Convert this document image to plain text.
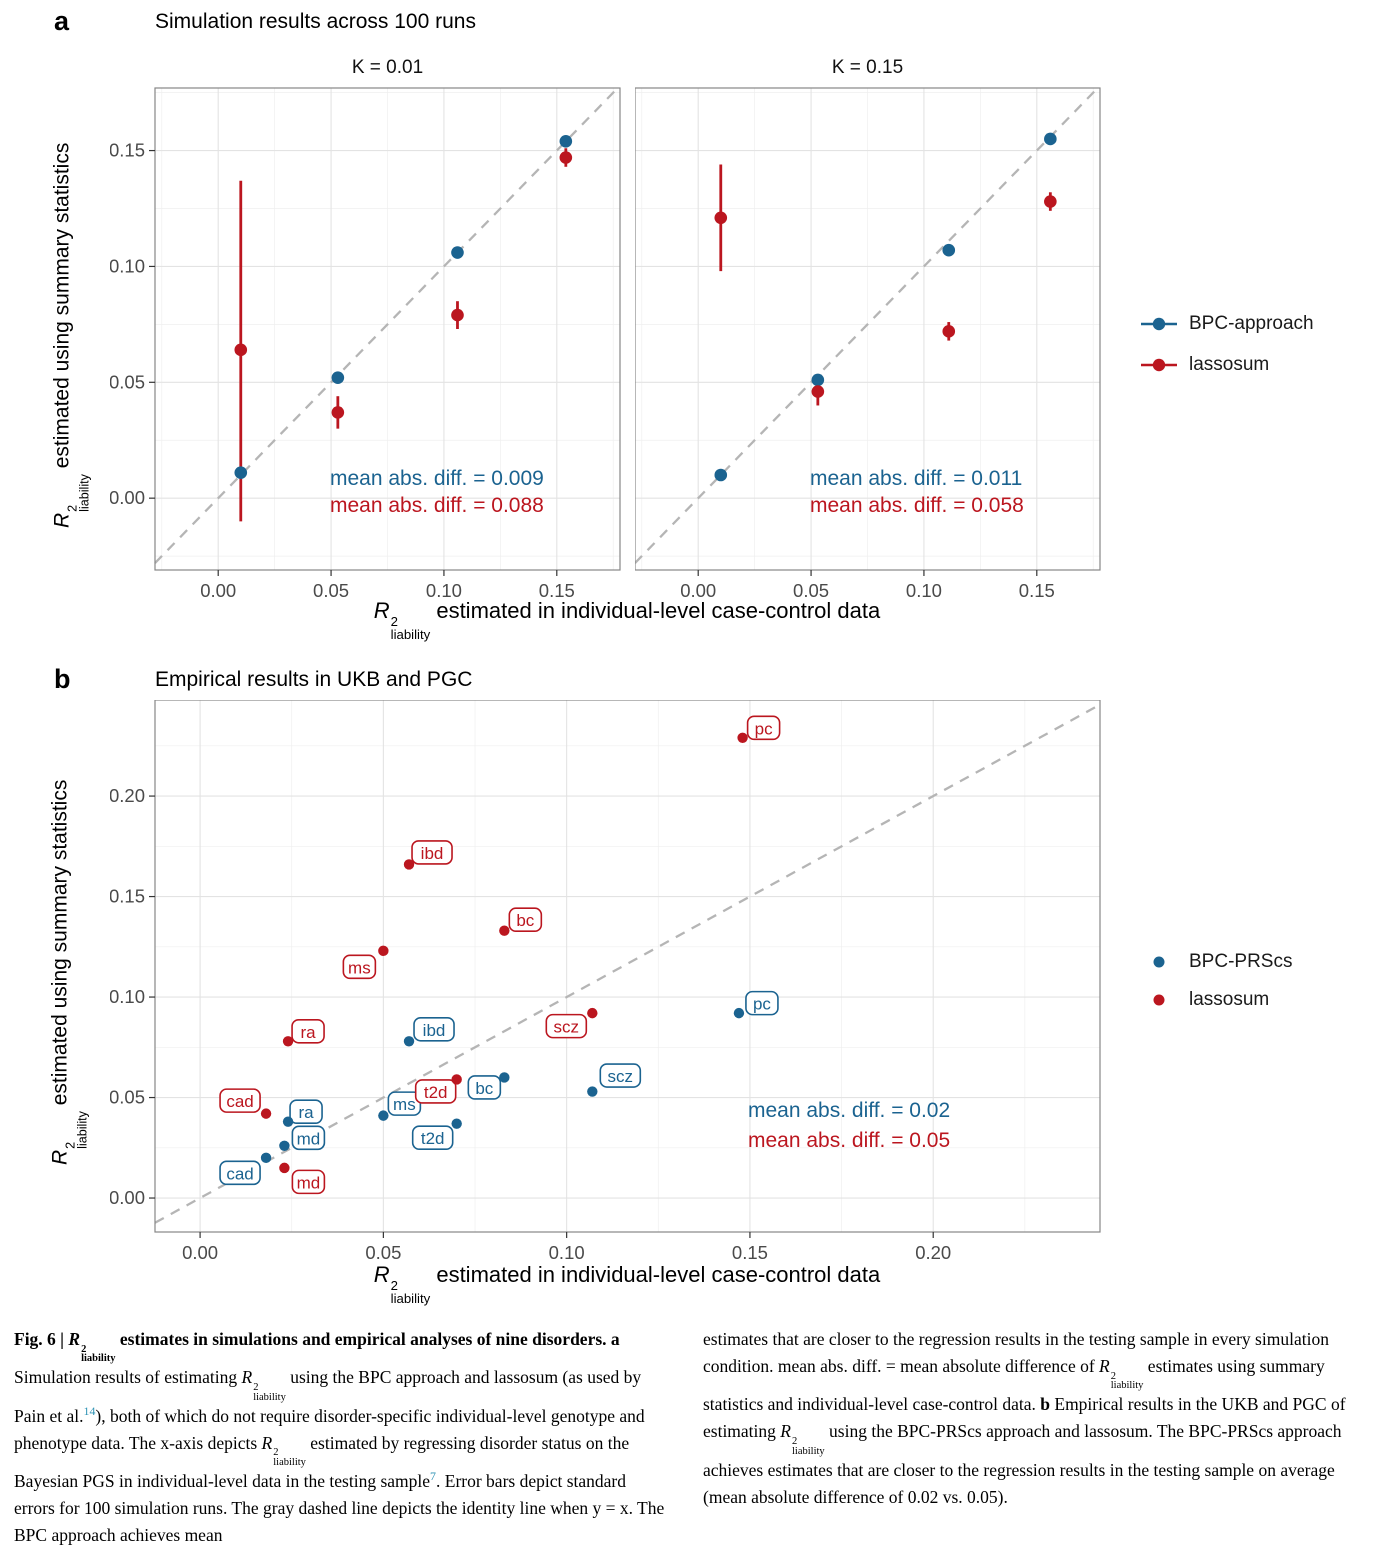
a	Simulation results across 100 runs
mean abs. diff. = 0.009
mean abs. diff. = 0.088
K = 0.01
0.00	0.05	0.10	0.15
0.00
0.05
0.10
0.15
mean abs. diff. = 0.011
mean abs. diff. = 0.058
K = 0.15
0.00	0.05	0.10	0.15
R
2
liability
estimated using summary statistics
R 2
liability
estimated in individual-level case-control data
BPC-approach
lassosum
b	Empirical results in UKB and PGC
cad
md
ra	ms
ibd
t2d
bc
scz
pc
cad
md
ra
ms
ibd
t2d
bc
scz
pc
mean abs. diff. = 0.02
mean abs. diff. = 0.05
0.00	0.05	0.10	0.15	0.20
0.00
0.05
0.10
0.15
0.20
R
2
liability
estimated using summary statistics
R 2
liability
estimated in individual-level case-control data
BPC-PRScs
lassosum
Fig. 6 | R 2
liability
estimates in simulations and empirical analyses of nine disorders. a Simulation results of estimating R 2
liability
using the BPC approach and lassosum (as used by Pain et al.$^{14}$), both of which do not require disorder-specific individual-level genotype and phenotype data. The x-axis depicts R 2
liability
estimated by regressing disorder status on the Bayesian PGS in individual-level data in the testing sample$^7$. Error bars depict standard errors for 100 simulation runs. The gray dashed line depicts the identity line when y = x. The BPC approach achieves mean
estimates that are closer to the regression results in the testing sample in every simulation condition. mean abs. diff. = mean absolute difference of R 2
liability
estimates using summary statistics and individual-level case-control data. b Empirical results in the UKB and PGC of estimating R 2
liability
using the BPC-PRScs approach and lassosum. The BPC-PRScs approach achieves estimates that are closer to the regression results in the testing sample on average (mean absolute difference of 0.02 vs. 0.05).
